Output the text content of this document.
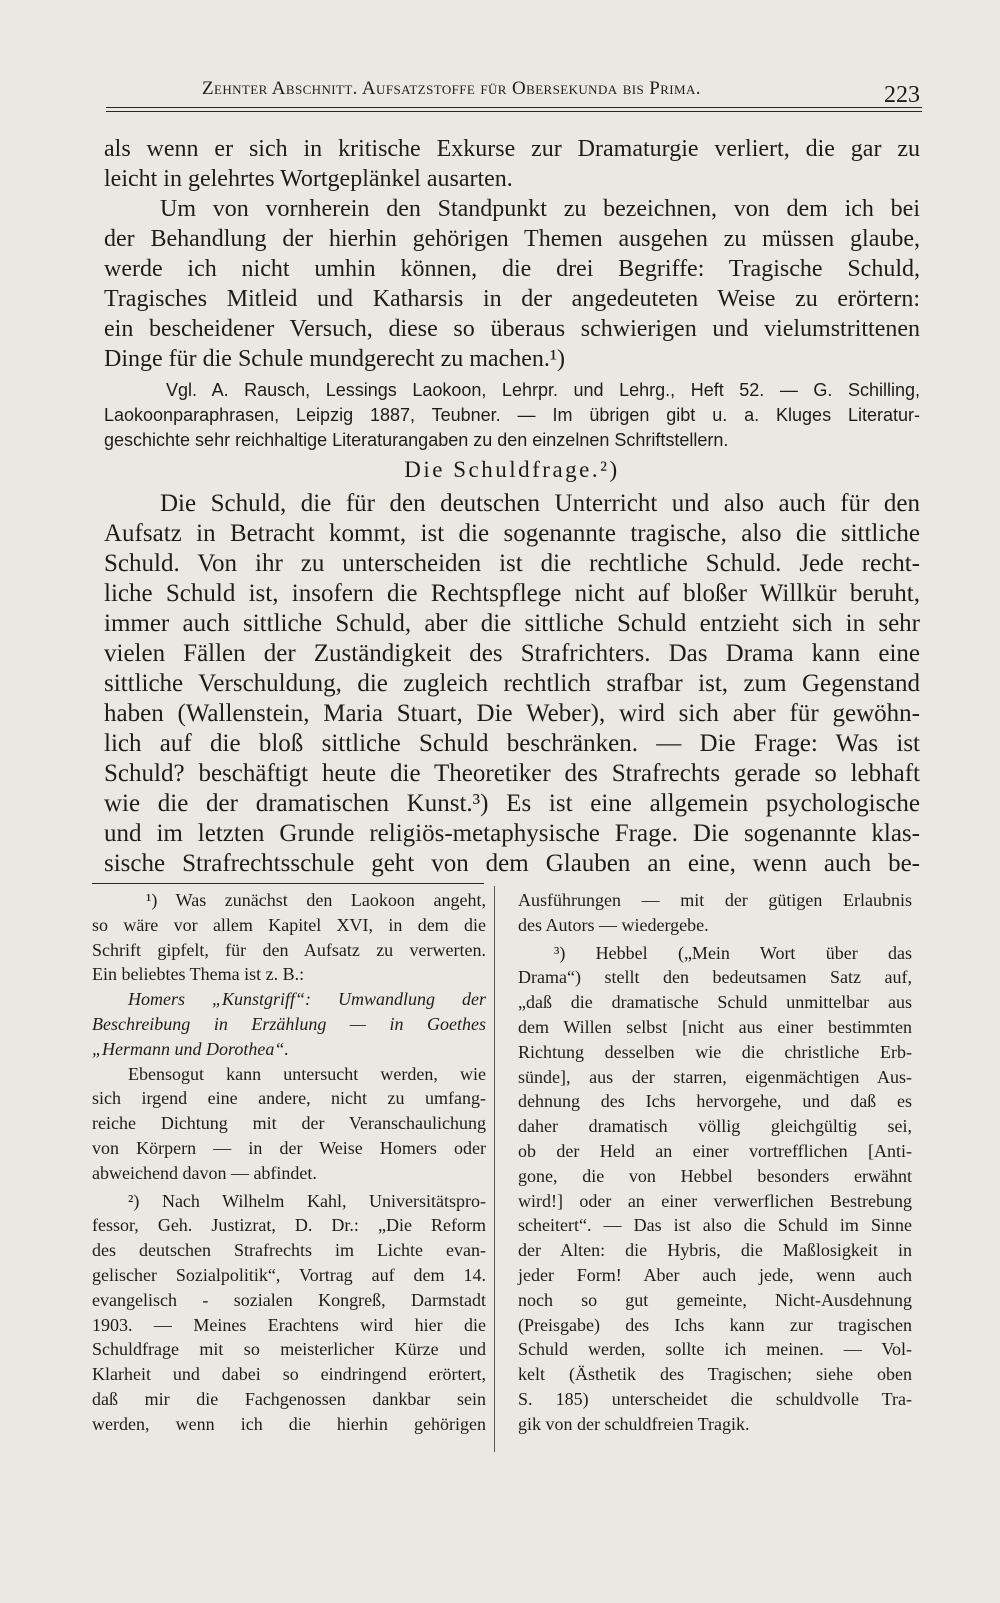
Zehnter Abschnitt. Aufsatzstoffe für Obersekunda bis Prima.	223
als wenn er sich in kritische Exkurse zur Dramaturgie verliert, die gar zu
leicht in gelehrtes Wortgeplänkel ausarten.
Um von vornherein den Standpunkt zu bezeichnen, von dem ich bei
der Behandlung der hierhin gehörigen Themen ausgehen zu müssen glaube,
werde ich nicht umhin können, die drei Begriffe: Tragische Schuld,
Tragisches Mitleid und Katharsis in der angedeuteten Weise zu erörtern:
ein bescheidener Versuch, diese so überaus schwierigen und vielumstrittenen
Dinge für die Schule mundgerecht zu machen.¹)
Vgl. A. Rausch, Lessings Laokoon, Lehrpr. und Lehrg., Heft 52. — G. Schilling,
Laokoonparaphrasen, Leipzig 1887, Teubner. — Im übrigen gibt u. a. Kluges Literatur-
geschichte sehr reichhaltige Literaturangaben zu den einzelnen Schriftstellern.
Die Schuldfrage.²)
Die Schuld, die für den deutschen Unterricht und also auch für den
Aufsatz in Betracht kommt, ist die sogenannte tragische, also die sittliche
Schuld. Von ihr zu unterscheiden ist die rechtliche Schuld. Jede recht-
liche Schuld ist, insofern die Rechtspflege nicht auf bloßer Willkür beruht,
immer auch sittliche Schuld, aber die sittliche Schuld entzieht sich in sehr
vielen Fällen der Zuständigkeit des Strafrichters. Das Drama kann eine
sittliche Verschuldung, die zugleich rechtlich strafbar ist, zum Gegenstand
haben (Wallenstein, Maria Stuart, Die Weber), wird sich aber für gewöhn-
lich auf die bloß sittliche Schuld beschränken. — Die Frage: Was ist
Schuld? beschäftigt heute die Theoretiker des Strafrechts gerade so lebhaft
wie die der dramatischen Kunst.³) Es ist eine allgemein psychologische
und im letzten Grunde religiös-metaphysische Frage. Die sogenannte klas-
sische Strafrechtsschule geht von dem Glauben an eine, wenn auch be-
¹) Was zunächst den Laokoon angeht,
so wäre vor allem Kapitel XVI, in dem die
Schrift gipfelt, für den Aufsatz zu verwerten.
Ein beliebtes Thema ist z. B.:
Homers „Kunstgriff“: Umwandlung der
Beschreibung in Erzählung — in Goethes
„Hermann und Dorothea“.
Ebensogut kann untersucht werden, wie
sich irgend eine andere, nicht zu umfang-
reiche Dichtung mit der Veranschaulichung
von Körpern — in der Weise Homers oder
abweichend davon — abfindet.
²) Nach Wilhelm Kahl, Universitätspro-
fessor, Geh. Justizrat, D. Dr.: „Die Reform
des deutschen Strafrechts im Lichte evan-
gelischer Sozialpolitik“, Vortrag auf dem 14.
evangelisch - sozialen Kongreß, Darmstadt
1903. — Meines Erachtens wird hier die
Schuldfrage mit so meisterlicher Kürze und
Klarheit und dabei so eindringend erörtert,
daß mir die Fachgenossen dankbar sein
werden, wenn ich die hierhin gehörigen
Ausführungen — mit der gütigen Erlaubnis
des Autors — wiedergebe.
³) Hebbel („Mein Wort über das
Drama“) stellt den bedeutsamen Satz auf,
„daß die dramatische Schuld unmittelbar aus
dem Willen selbst [nicht aus einer bestimmten
Richtung desselben wie die christliche Erb-
sünde], aus der starren, eigenmächtigen Aus-
dehnung des Ichs hervorgehe, und daß es
daher dramatisch völlig gleichgültig sei,
ob der Held an einer vortrefflichen [Anti-
gone, die von Hebbel besonders erwähnt
wird!] oder an einer verwerflichen Bestrebung
scheitert“. — Das ist also die Schuld im Sinne
der Alten: die Hybris, die Maßlosigkeit in
jeder Form! Aber auch jede, wenn auch
noch so gut gemeinte, Nicht-Ausdehnung
(Preisgabe) des Ichs kann zur tragischen
Schuld werden, sollte ich meinen. — Vol-
kelt (Ästhetik des Tragischen; siehe oben
S. 185) unterscheidet die schuldvolle Tra-
gik von der schuldfreien Tragik.
